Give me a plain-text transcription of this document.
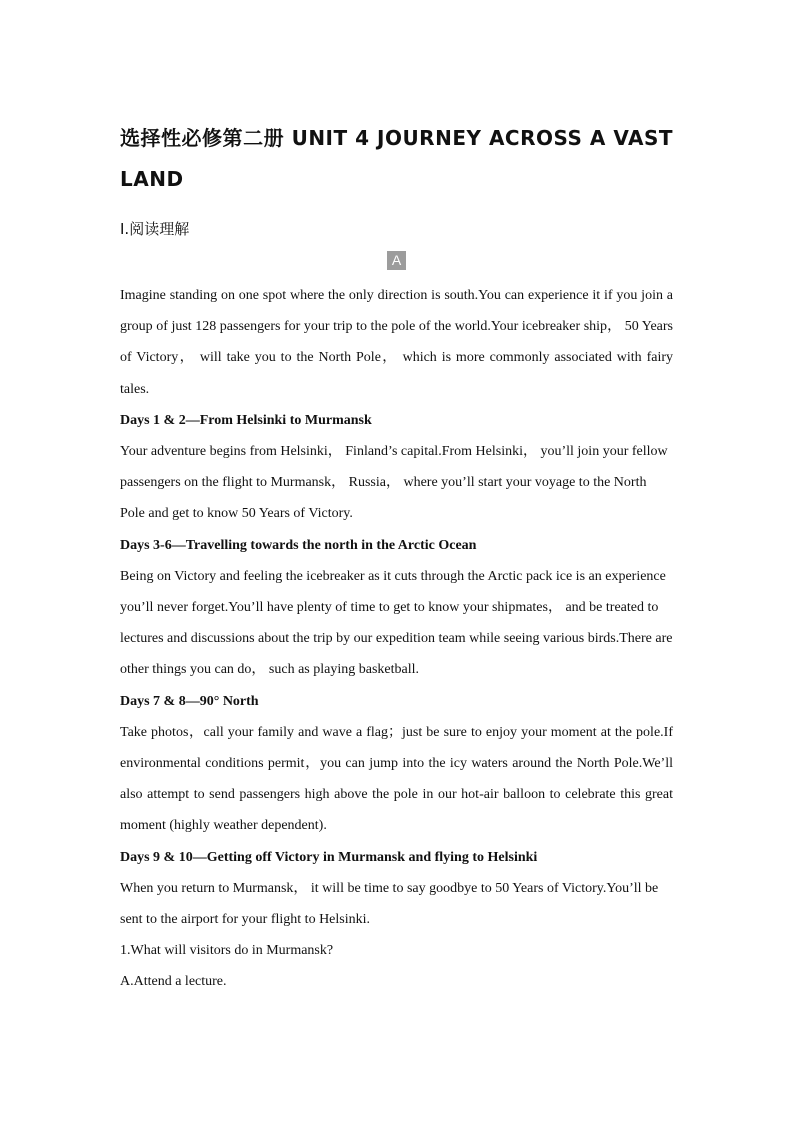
选择性必修第二册 UNIT 4 JOURNEY ACROSS A VAST LAND
Ⅰ.阅读理解
A

Imagine standing on one spot where the only direction is south.You can experience it if you join a group of just 128 passengers for your trip to the pole of the world.Your icebreaker ship， 50 Years of Victory， will take you to the North Pole， which is more commonly associated with fairy tales.

Days 1 & 2—From Helsinki to Murmansk

Your adventure begins from Helsinki， Finland’s capital.From Helsinki， you’ll join your fellow passengers on the flight to Murmansk， Russia， where you’ll start your voyage to the North Pole and get to know 50 Years of Victory.

Days 3-6—Travelling towards the north in the Arctic Ocean

Being on Victory and feeling the icebreaker as it cuts through the Arctic pack ice is an experience you’ll never forget.You’ll have plenty of time to get to know your shipmates， and be treated to lectures and discussions about the trip by our expedition team while seeing various birds.There are other things you can do， such as playing basketball.

Days 7 & 8—90° North

Take photos，call your family and wave a flag；just be sure to enjoy your moment at the pole.If environmental conditions permit，you can jump into the icy waters around the North Pole.We’ll also attempt to send passengers high above the pole in our hot-air balloon to celebrate this great moment (highly weather dependent).

Days 9 & 10—Getting off Victory in Murmansk and flying to Helsinki

When you return to Murmansk， it will be time to say goodbye to 50 Years of Victory.You’ll be sent to the airport for your flight to Helsinki.

1.What will visitors do in Murmansk?

A.Attend a lecture.
